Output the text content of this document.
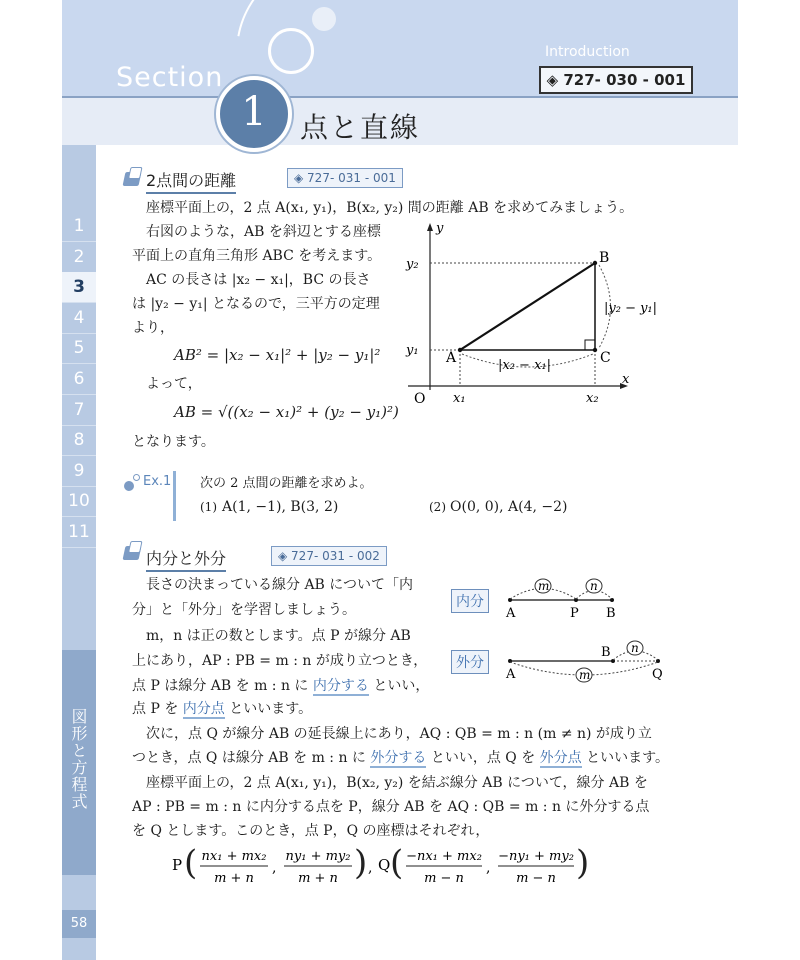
Section
Introduction
◈ 727- 030 - 001
1	点と直線
1
2
3
4
5
6
7
8
9
10
11
図形と方程式
58
2点間の距離	◈ 727- 031 - 001
座標平面上の，2 点 A(x₁, y₁)，B(x₂, y₂) 間の距離 AB を求めてみましょう。
右図のような，AB を斜辺とする座標
平面上の直角三角形 ABC を考えます。
AC の長さは |x₂ − x₁|，BC の長さ
は |y₂ − y₁| となるので，三平方の定理
より，
AB² = |x₂ − x₁|² + |y₂ − y₁|²
よって，
AB = √((x₂ − x₁)² + (y₂ − y₁)²)
となります。
y
x
O
y₂
y₁
x₁	x₂
A
B
C
|x₂ − x₁|
|y₂ − y₁|
Ex.1 次の 2 点間の距離を求めよ。
(1) A(1, −1), B(3, 2)	(2) O(0, 0), A(4, −2)
内分と外分	◈ 727- 031 - 002
長さの決まっている線分 AB について「内
分」と「外分」を学習しましょう。
m，n は正の数とします。点 P が線分 AB
上にあり，AP : PB = m : n が成り立つとき，
点 P は線分 AB を m : n に 内分する といい，
点 P を 内分点 といいます。
次に，点 Q が線分 AB の延長線上にあり，AQ : QB = m : n (m ≠ n) が成り立
つとき，点 Q は線分 AB を m : n に 外分する といい，点 Q を 外分点 といいます。
座標平面上の，2 点 A(x₁, y₁)，B(x₂, y₂) を結ぶ線分 AB について，線分 AB を
AP : PB = m : n に内分する点を P，線分 AB を AQ : QB = m : n に外分する点
を Q とします。このとき，点 P，Q の座標はそれぞれ，
内分
外分
m	n
A	P B
m
n
A
B
Q
P ( nx₁ + mx₂
m + n
,
ny₁ + my₂
m + n ) , Q ( −nx₁ + mx₂
m − n
,
−ny₁ + my₂
m − n )
